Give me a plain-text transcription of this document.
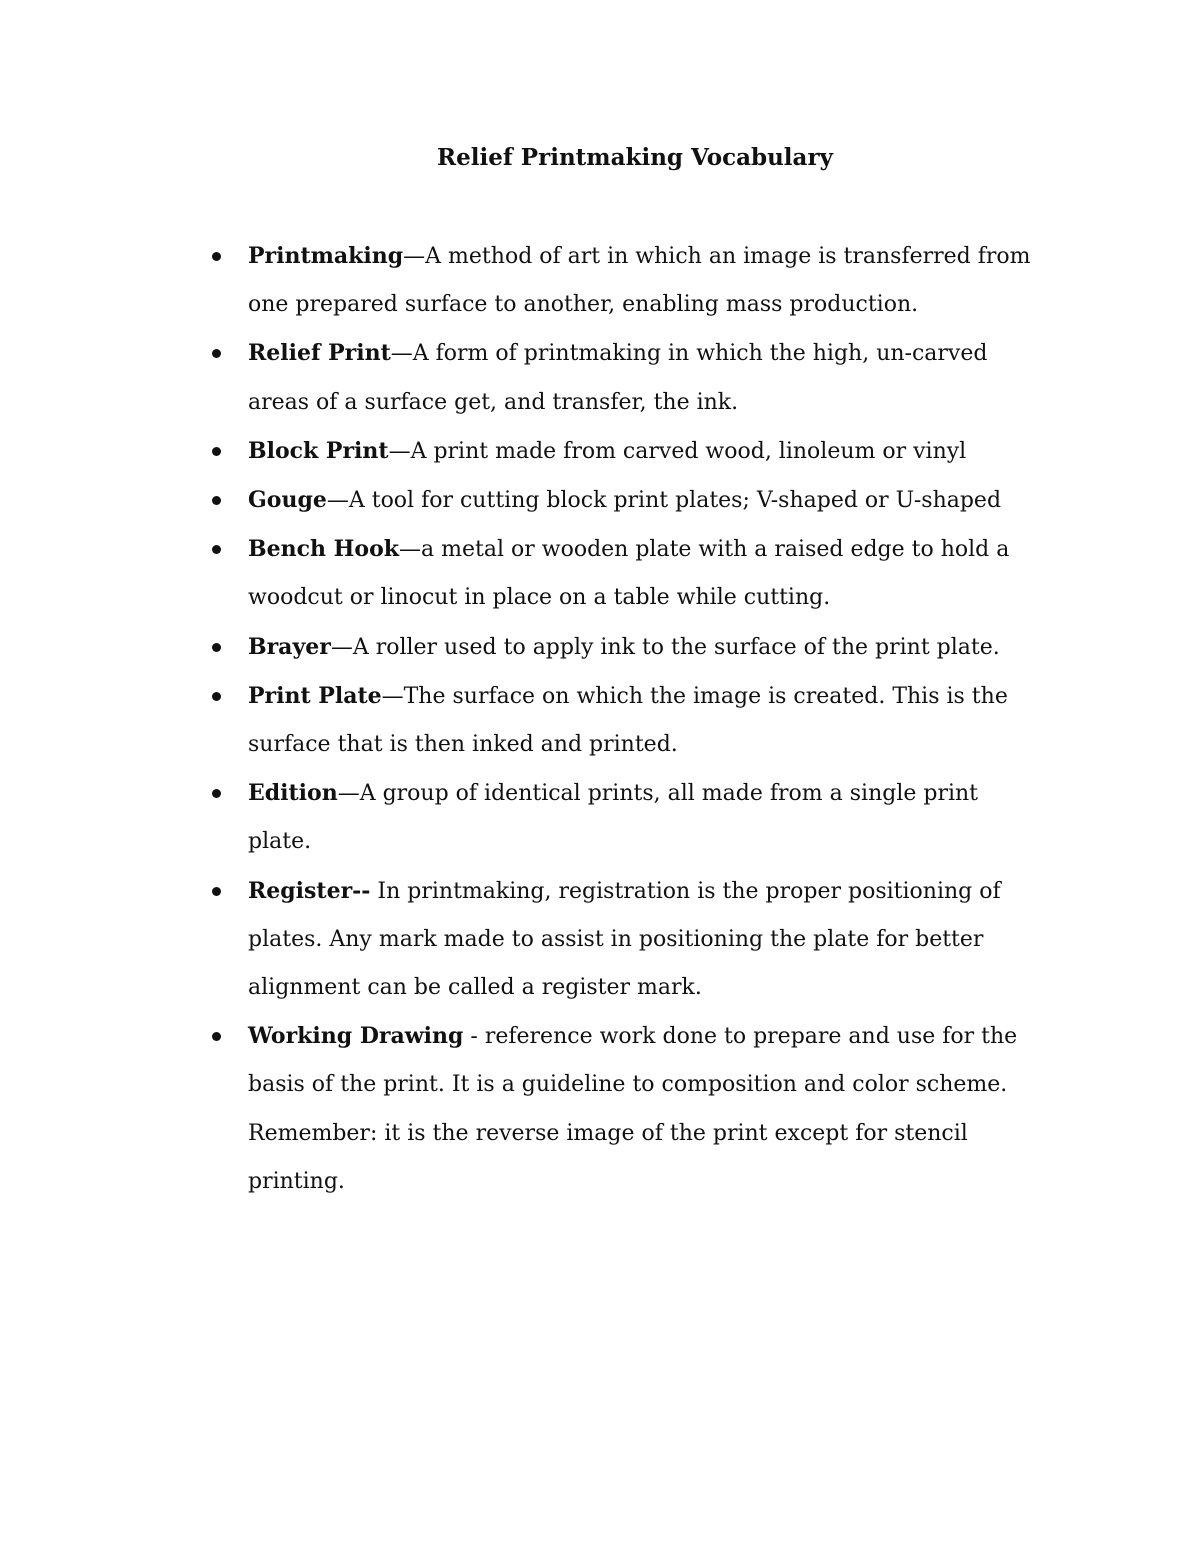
Relief Printmaking Vocabulary
Printmaking—A method of art in which an image is transferred from one prepared surface to another, enabling mass production.
Relief Print—A form of printmaking in which the high, un-carved areas of a surface get, and transfer, the ink.
Block Print—A print made from carved wood, linoleum or vinyl
Gouge—A tool for cutting block print plates; V-shaped or U-shaped
Bench Hook—a metal or wooden plate with a raised edge to hold a woodcut or linocut in place on a table while cutting.
Brayer—A roller used to apply ink to the surface of the print plate.
Print Plate—The surface on which the image is created. This is the surface that is then inked and printed.
Edition—A group of identical prints, all made from a single print plate.
Register-- In printmaking, registration is the proper positioning of plates. Any mark made to assist in positioning the plate for better alignment can be called a register mark.
Working Drawing - reference work done to prepare and use for the basis of the print. It is a guideline to composition and color scheme. Remember: it is the reverse image of the print except for stencil printing.
